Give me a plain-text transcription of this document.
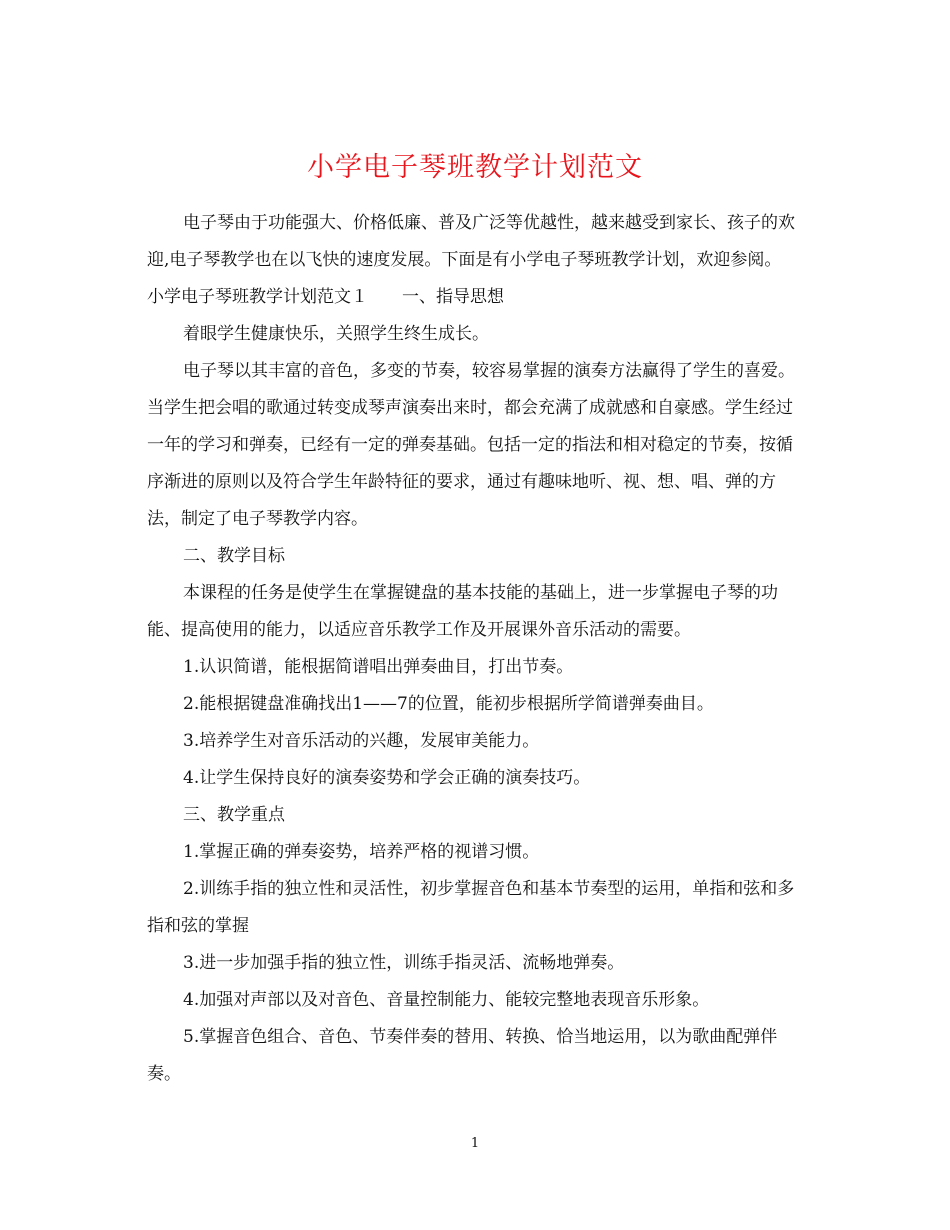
小学电子琴班教学计划范文

电子琴由于功能强大、价格低廉、普及广泛等优越性，越来越受到家长、孩子的欢迎,电子琴教学也在以飞快的速度发展。下面是有小学电子琴班教学计划，欢迎参阅。

小学电子琴班教学计划范文１ 一、指导思想

着眼学生健康快乐，关照学生终生成长。

电子琴以其丰富的音色，多变的节奏，较容易掌握的演奏方法赢得了学生的喜爱。当学生把会唱的歌通过转变成琴声演奏出来时，都会充满了成就感和自豪感。学生经过一年的学习和弹奏，已经有一定的弹奏基础。包括一定的指法和相对稳定的节奏，按循序渐进的原则以及符合学生年龄特征的要求，通过有趣味地听、视、想、唱、弹的方法，制定了电子琴教学内容。

二、教学目标

本课程的任务是使学生在掌握键盘的基本技能的基础上，进一步掌握电子琴的功能、提高使用的能力，以适应音乐教学工作及开展课外音乐活动的需要。

1.认识简谱，能根据简谱唱出弹奏曲目，打出节奏。

2.能根据键盘准确找出1——7的位置，能初步根据所学简谱弹奏曲目。

3.培养学生对音乐活动的兴趣，发展审美能力。

4.让学生保持良好的演奏姿势和学会正确的演奏技巧。

三、教学重点

1.掌握正确的弹奏姿势，培养严格的视谱习惯。

2.训练手指的独立性和灵活性，初步掌握音色和基本节奏型的运用，单指和弦和多指和弦的掌握

3.进一步加强手指的独立性，训练手指灵活、流畅地弹奏。

4.加强对声部以及对音色、音量控制能力、能较完整地表现音乐形象。

5.掌握音色组合、音色、节奏伴奏的替用、转换、恰当地运用，以为歌曲配弹伴奏。

1
